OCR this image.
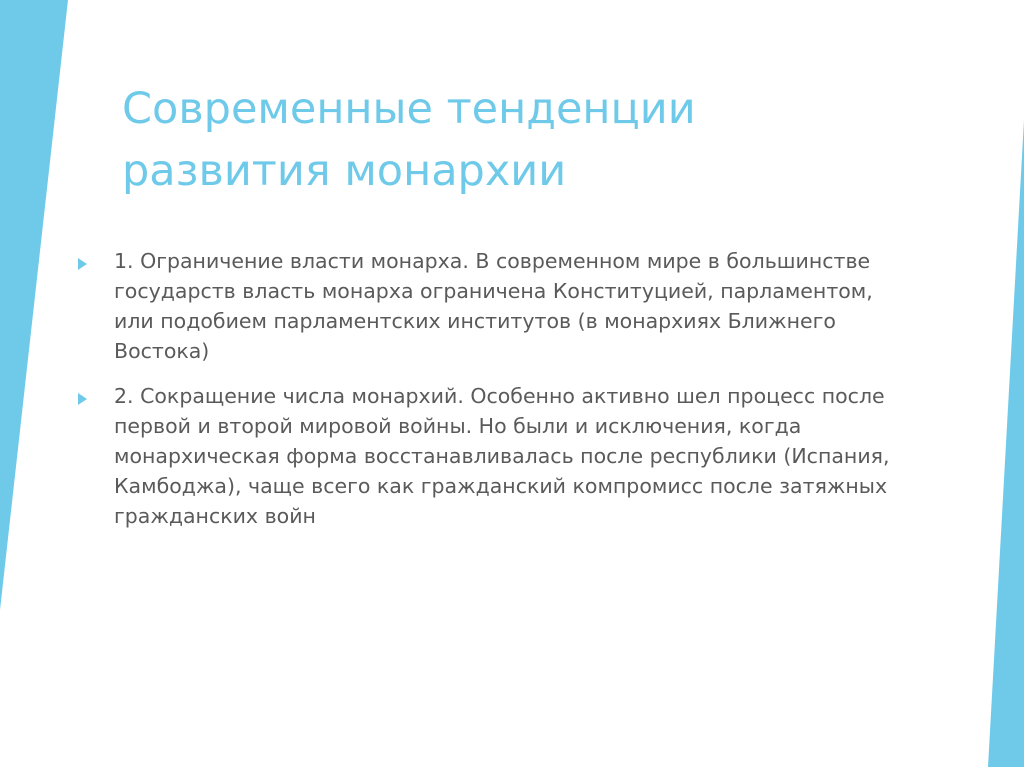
Современные тенденции
развития монархии
1. Ограничение власти монарха. В современном мире в большинстве
государств власть монарха ограничена Конституцией, парламентом,
или подобием парламентских институтов (в монархиях Ближнего
Востока)
2. Сокращение числа монархий. Особенно активно шел процесс после
первой и второй мировой войны. Но были и исключения, когда
монархическая форма восстанавливалась после республики (Испания,
Камбоджа), чаще всего как гражданский компромисс после затяжных
гражданских войн
